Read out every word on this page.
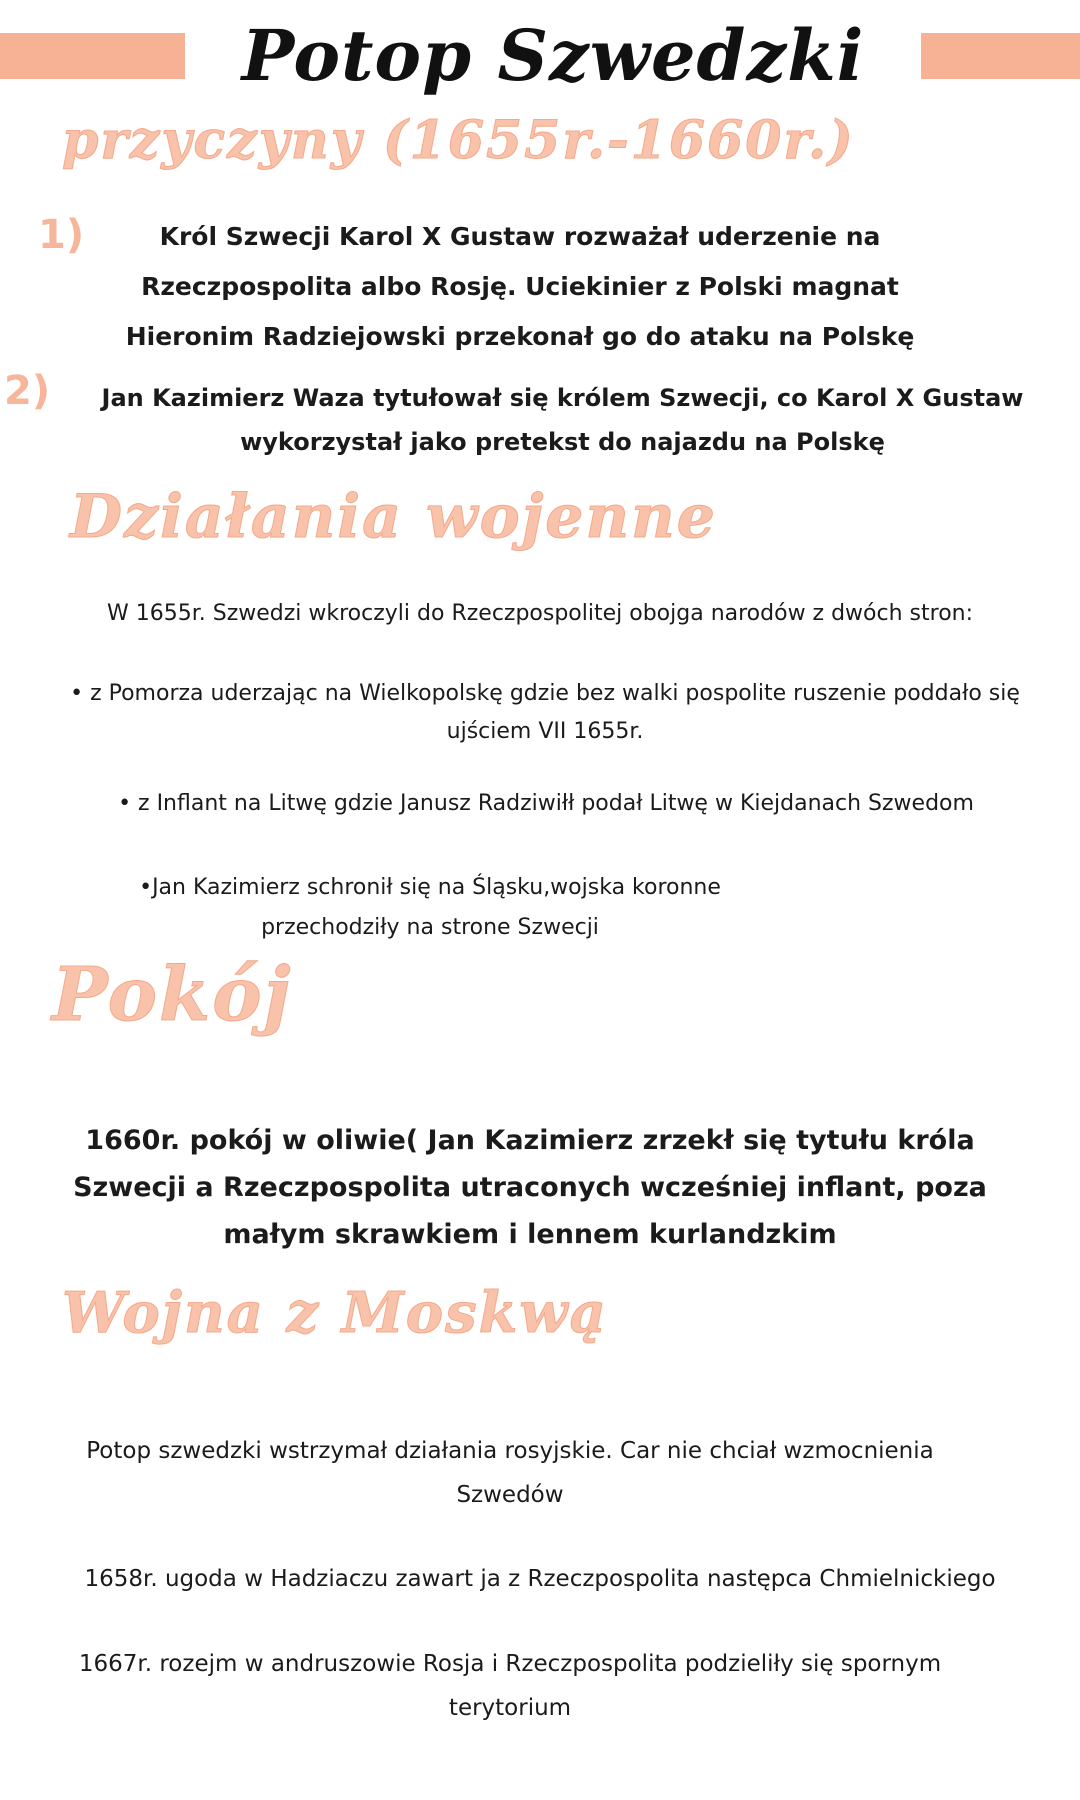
Potop Szwedzki
przyczyny (1655r.-1660r.)
1)	Król Szwecji Karol X Gustaw rozważał uderzenie na Rzeczpospolita albo Rosję. Uciekinier z Polski magnat Hieronim Radziejowski przekonał go do ataku na Polskę
2)	Jan Kazimierz Waza tytułował się królem Szwecji, co Karol X Gustaw wykorzystał jako pretekst do najazdu na Polskę
Działania wojenne
W 1655r. Szwedzi wkroczyli do Rzeczpospolitej obojga narodów z dwóch stron:
• z Pomorza uderzając na Wielkopolskę gdzie bez walki pospolite ruszenie poddało się ujściem VII 1655r.
• z Inflant na Litwę gdzie Janusz Radziwiłł podał Litwę w Kiejdanach Szwedom
•Jan Kazimierz schronił się na Śląsku,wojska koronne przechodziły na strone Szwecji
Pokój
1660r. pokój w oliwie( Jan Kazimierz zrzekł się tytułu króla Szwecji a Rzeczpospolita utraconych wcześniej inflant, poza małym skrawkiem i lennem kurlandzkim
Wojna z Moskwą
Potop szwedzki wstrzymał działania rosyjskie. Car nie chciał wzmocnienia Szwedów
1658r. ugoda w Hadziaczu zawart ja z Rzeczpospolita następca Chmielnickiego
1667r. rozejm w andruszowie Rosja i Rzeczpospolita podzieliły się spornym terytorium
